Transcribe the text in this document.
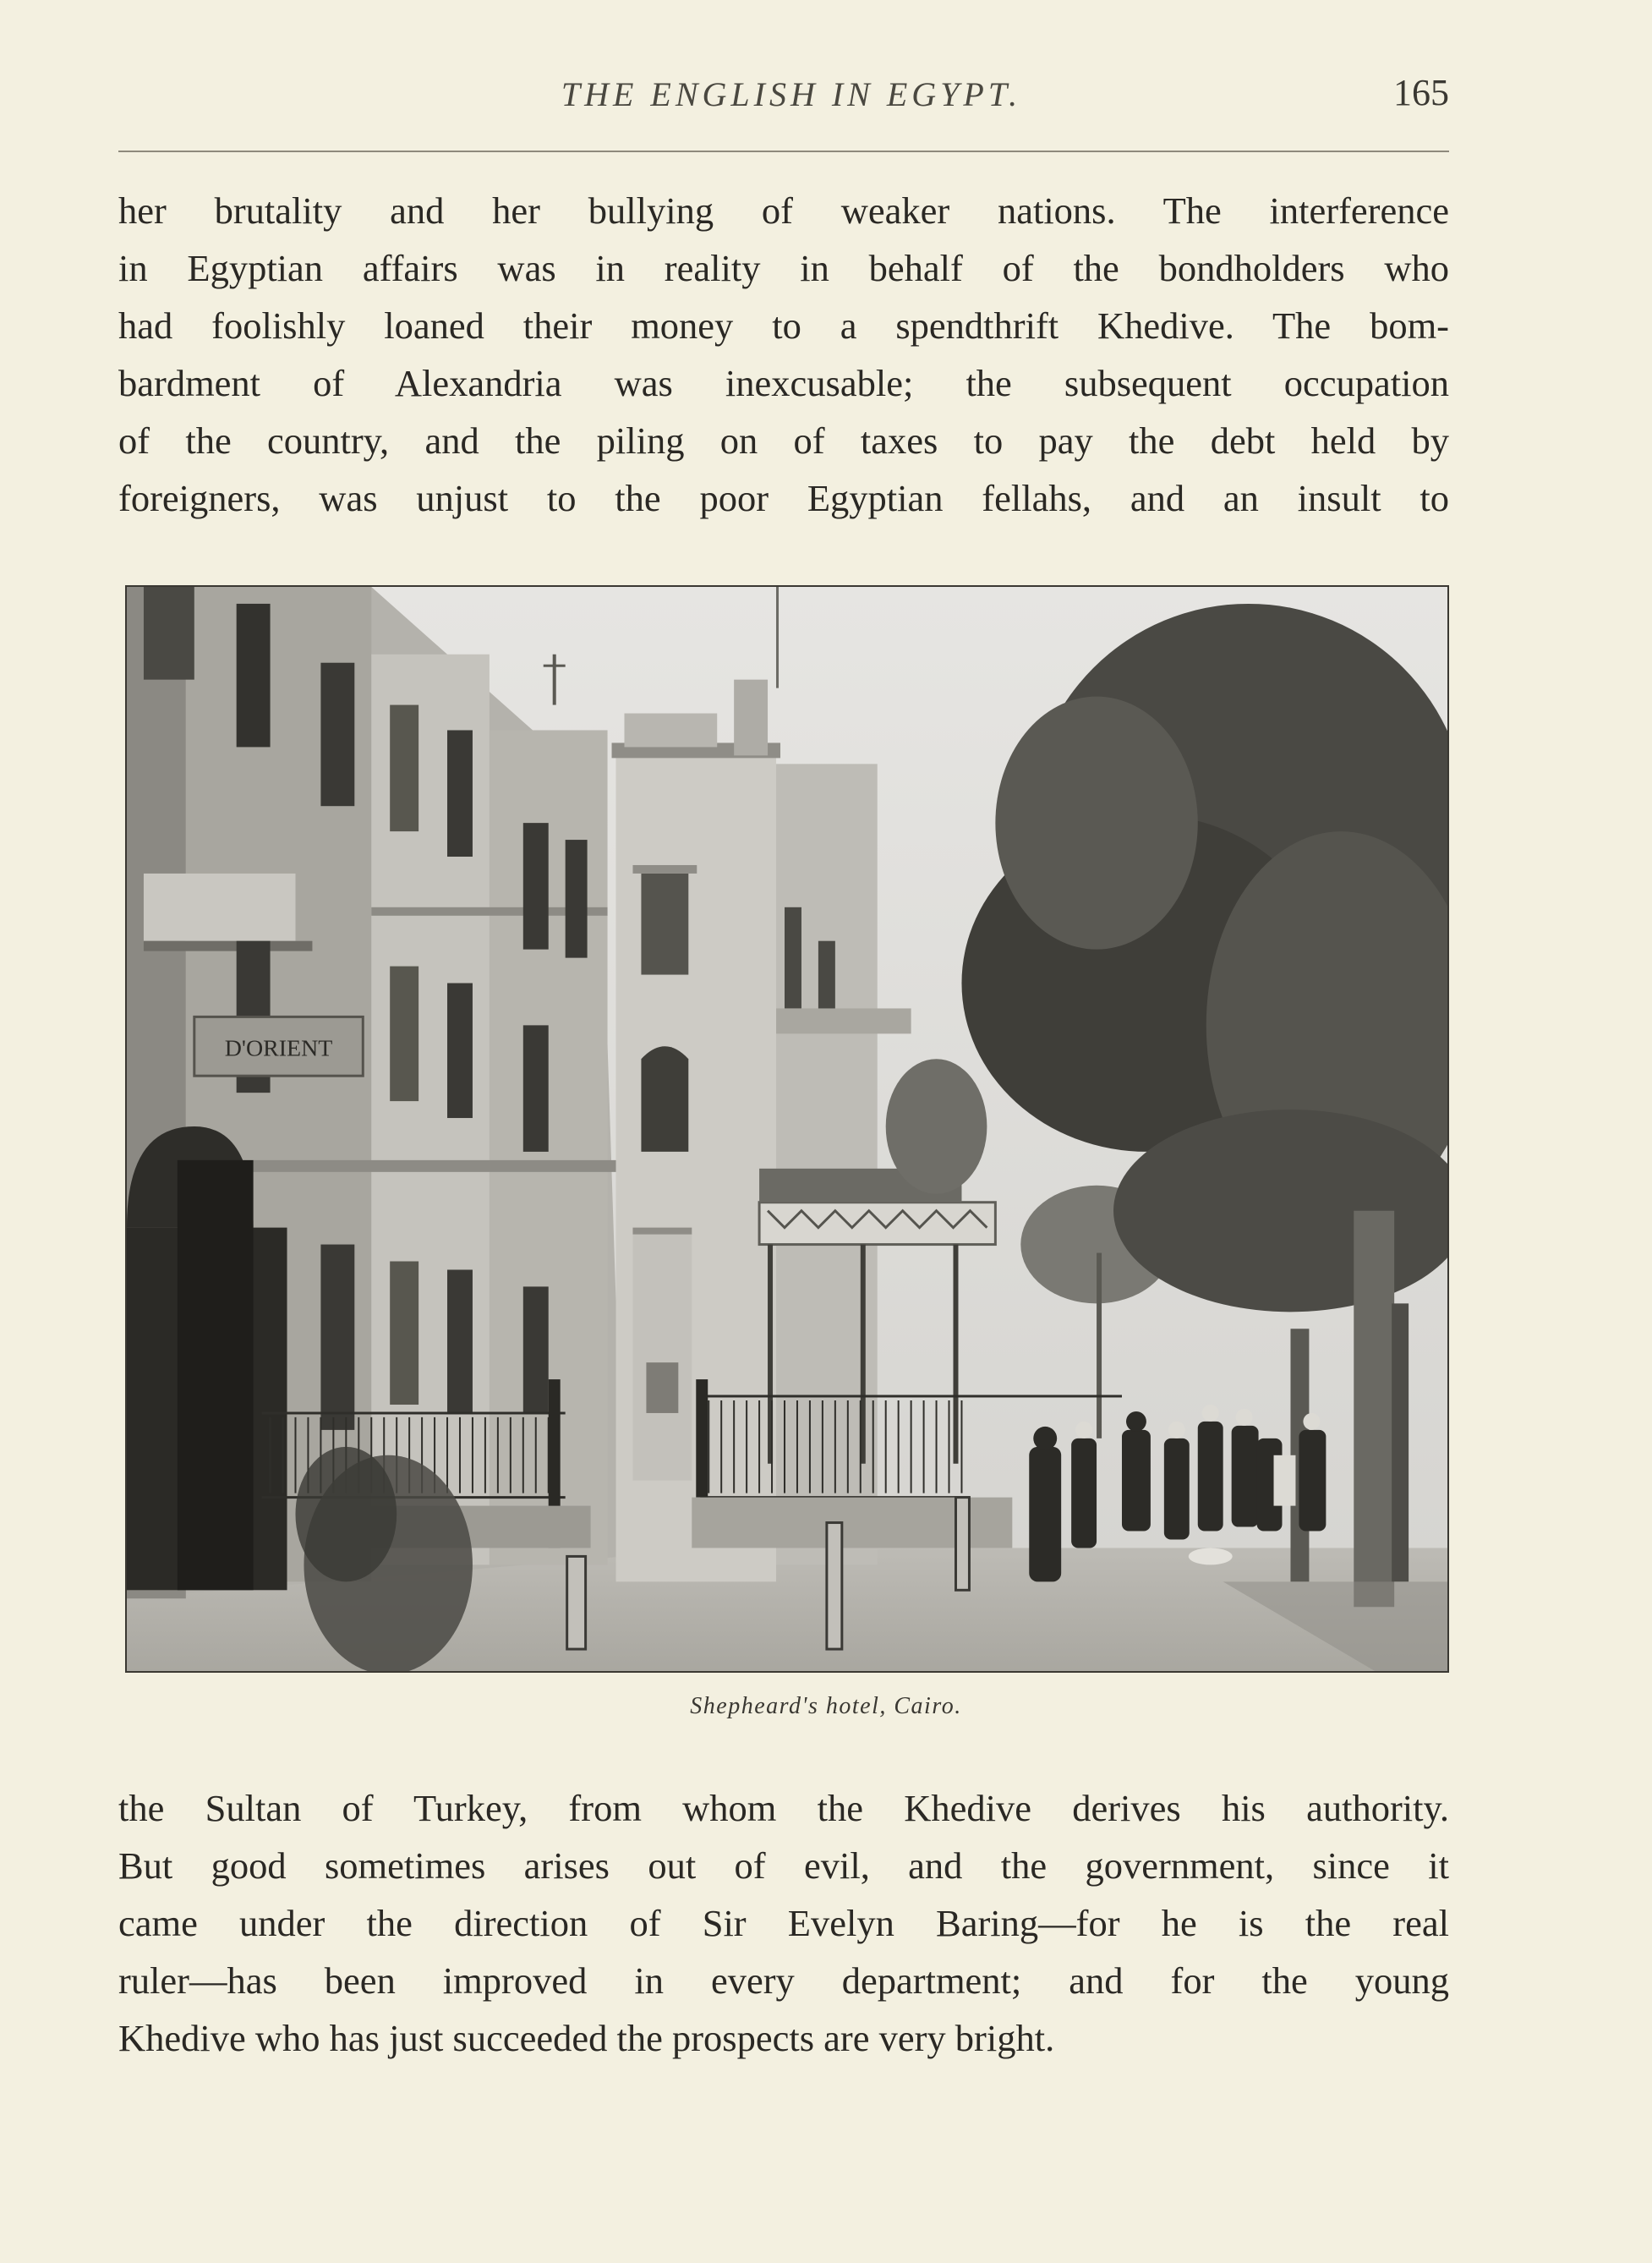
THE ENGLISH IN EGYPT.	165
her brutality and her bullying of weaker nations. The interference
in Egyptian affairs was in reality in behalf of the bondholders who
had foolishly loaned their money to a spendthrift Khedive. The bom-
bardment of Alexandria was inexcusable; the subsequent occupation
of the country, and the piling on of taxes to pay the debt held by
foreigners, was unjust to the poor Egyptian fellahs, and an insult to
D'ORIENT
Shepheard's hotel, Cairo.
the Sultan of Turkey, from whom the Khedive derives his authority.
But good sometimes arises out of evil, and the government, since it
came under the direction of Sir Evelyn Baring—for he is the real
ruler—has been improved in every department; and for the young
Khedive who has just succeeded the prospects are very bright.
